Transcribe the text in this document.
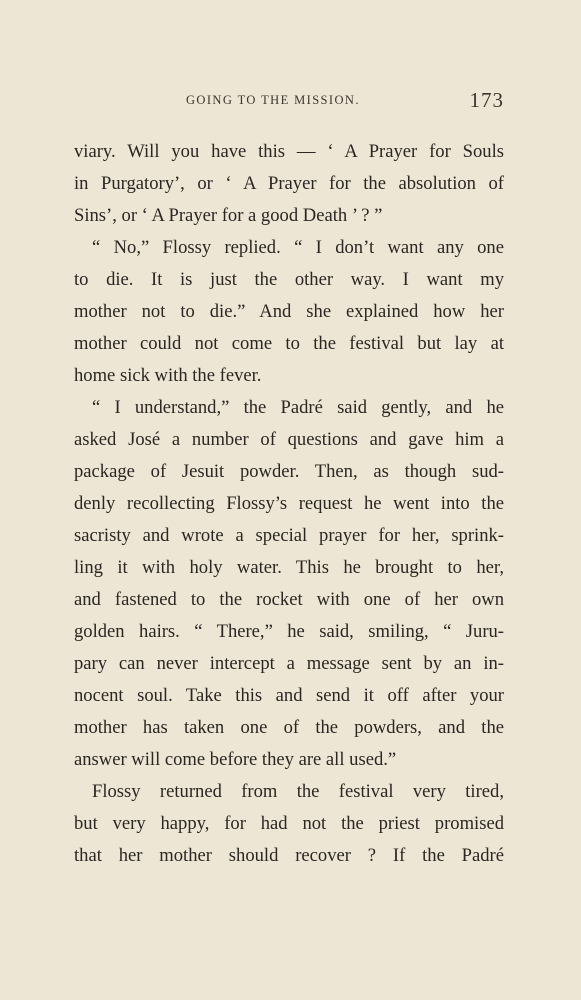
GOING TO THE MISSION.	173
viary. Will you have this — ‘ A Prayer for Souls
in Purgatory’, or ‘ A Prayer for the absolution of
Sins’, or ‘ A Prayer for a good Death ’ ? ”
“ No,” Flossy replied. “ I don’t want any one
to die. It is just the other way. I want my
mother not to die.” And she explained how her
mother could not come to the festival but lay at
home sick with the fever.
“ I understand,” the Padré said gently, and he
asked José a number of questions and gave him a
package of Jesuit powder. Then, as though sud-
denly recollecting Flossy’s request he went into the
sacristy and wrote a special prayer for her, sprink-
ling it with holy water. This he brought to her,
and fastened to the rocket with one of her own
golden hairs. “ There,” he said, smiling, “ Juru-
pary can never intercept a message sent by an in-
nocent soul. Take this and send it off after your
mother has taken one of the powders, and the
answer will come before they are all used.”
Flossy returned from the festival very tired,
but very happy, for had not the priest promised
that her mother should recover ? If the Padré
